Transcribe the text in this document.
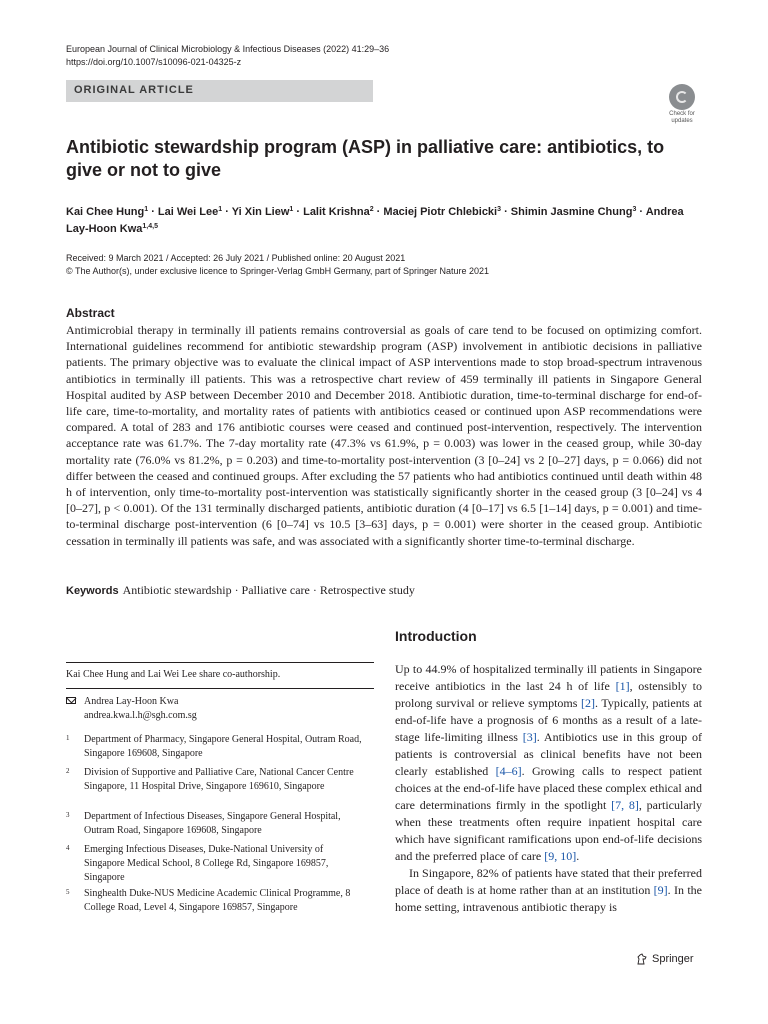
European Journal of Clinical Microbiology & Infectious Diseases (2022) 41:29–36
https://doi.org/10.1007/s10096-021-04325-z
ORIGINAL ARTICLE
Check for
updates
Antibiotic stewardship program (ASP) in palliative care: antibiotics, to give or not to give
Kai Chee Hung$^1$ · Lai Wei Lee$^1$ · Yi Xin Liew$^1$ · Lalit Krishna$^2$ · Maciej Piotr Chlebicki$^3$ · Shimin Jasmine Chung$^3$ · Andrea Lay-Hoon Kwa$^{1,4,5}$
Received: 9 March 2021 / Accepted: 26 July 2021 / Published online: 20 August 2021
© The Author(s), under exclusive licence to Springer-Verlag GmbH Germany, part of Springer Nature 2021
Abstract
Antimicrobial therapy in terminally ill patients remains controversial as goals of care tend to be focused on optimizing comfort. International guidelines recommend for antibiotic stewardship program (ASP) involvement in antibiotic decisions in palliative patients. The primary objective was to evaluate the clinical impact of ASP interventions made to stop broad-spectrum intravenous antibiotics in terminally ill patients. This was a retrospective chart review of 459 terminally ill patients in Singapore General Hospital audited by ASP between December 2010 and December 2018. Antibiotic duration, time-to-terminal discharge for end-of-life care, time-to-mortality, and mortality rates of patients with antibiotics ceased or continued upon ASP recommendations were compared. A total of 283 and 176 antibiotic courses were ceased and continued post-intervention, respectively. The intervention acceptance rate was 61.7%. The 7-day mortality rate (47.3% vs 61.9%, p = 0.003) was lower in the ceased group, while 30-day mortality rate (76.0% vs 81.2%, p = 0.203) and time-to-mortality post-intervention (3 [0–24] vs 2 [0–27] days, p = 0.066) did not differ between the ceased and continued groups. After excluding the 57 patients who had antibiotics continued until death within 48 h of intervention, only time-to-mortality post-intervention was statistically significantly shorter in the ceased group (3 [0–24] vs 4 [0–27], p < 0.001). Of the 131 terminally discharged patients, antibiotic duration (4 [0–17] vs 6.5 [1–14] days, p = 0.001) and time-to-terminal discharge post-intervention (6 [0–74] vs 10.5 [3–63] days, p = 0.001) were shorter in the ceased group. Antibiotic cessation in terminally ill patients was safe, and was associated with a significantly shorter time-to-terminal discharge.
Keywords Antibiotic stewardship · Palliative care · Retrospective study
Introduction

Up to 44.9% of hospitalized terminally ill patients in Singapore receive antibiotics in the last 24 h of life [1], ostensibly to prolong survival or relieve symptoms [2]. Typically, patients at end-of-life have a prognosis of 6 months as a result of a late-stage life-limiting illness [3]. Antibiotics use in this group of patients is controversial as clinical benefits have not been clearly established [4–6]. Growing calls to respect patient choices at the end-of-life have placed these complex ethical and care determinations firmly in the spotlight [7, 8], particularly when these treatments often require inpatient hospital care which have significant ramifications upon end-of-life decisions and the preferred place of care [9, 10].

In Singapore, 82% of patients have stated that their preferred place of death is at home rather than at an institution [9]. In the home setting, intravenous antibiotic therapy is

Kai Chee Hung and Lai Wei Lee share co-authorship.
Andrea Lay-Hoon Kwa
andrea.kwa.l.h@sgh.com.sg
1 Department of Pharmacy, Singapore General Hospital, Outram Road, Singapore 169608, Singapore
2 Division of Supportive and Palliative Care, National Cancer Centre Singapore, 11 Hospital Drive, Singapore 169610, Singapore
3 Department of Infectious Diseases, Singapore General Hospital, Outram Road, Singapore 169608, Singapore
4 Emerging Infectious Diseases, Duke-National University of Singapore Medical School, 8 College Rd, Singapore 169857, Singapore
5 Singhealth Duke-NUS Medicine Academic Clinical Programme, 8 College Road, Level 4, Singapore 169857, Singapore
Springer
